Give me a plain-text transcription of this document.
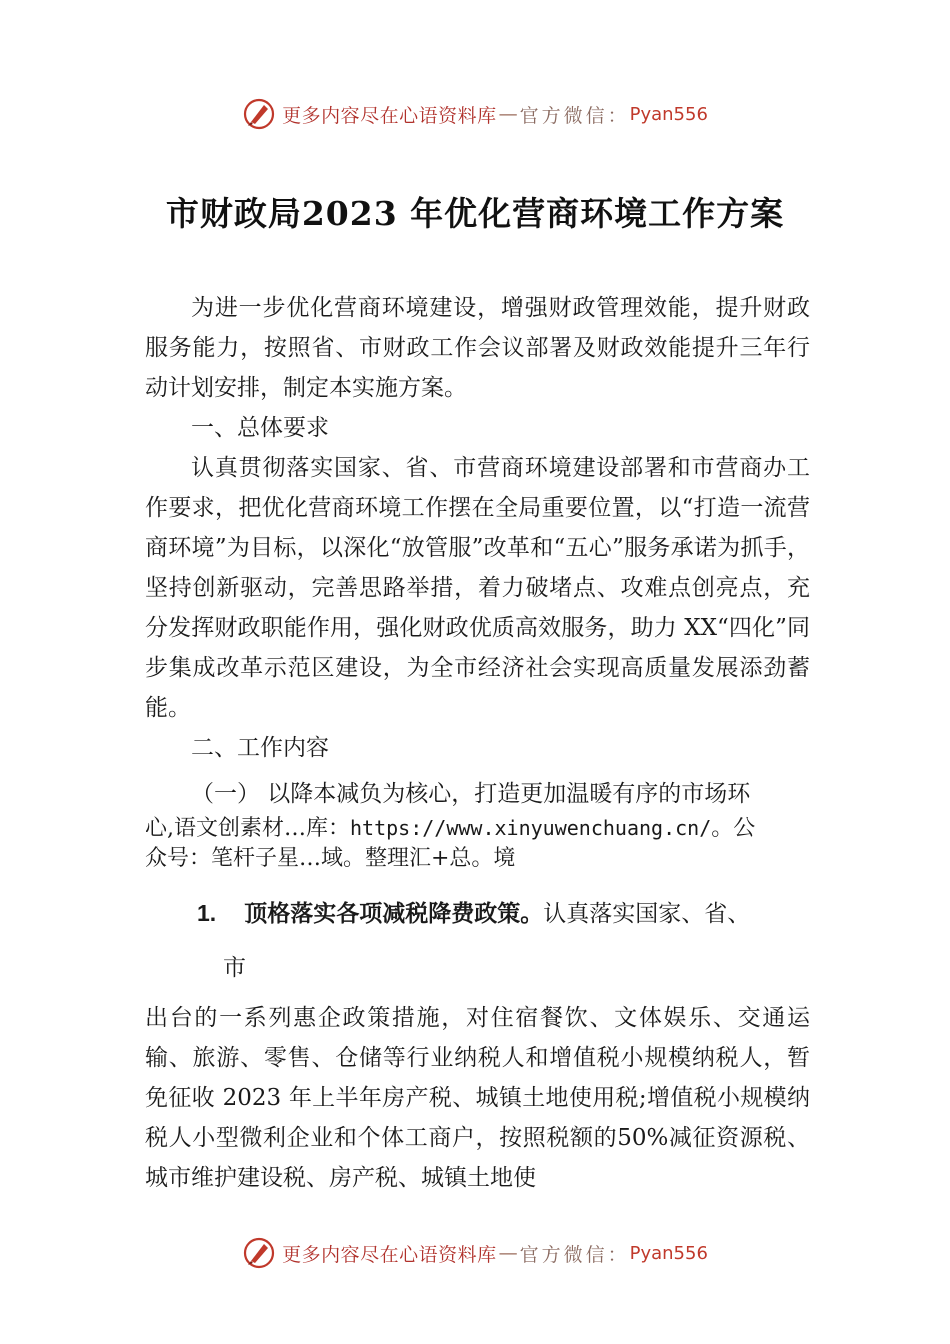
更多内容尽在心语资料库 — 官方微信： Pyan556
市财政局2023 年优化营商环境工作方案

为进一步优化营商环境建设，增强财政管理效能，提升财政服务能力，按照省、市财政工作会议部署及财政效能提升三年行动计划安排，制定本实施方案。

一、总体要求

认真贯彻落实国家、省、市营商环境建设部署和市营商办工作要求，把优化营商环境工作摆在全局重要位置，以“打造一流营商环境”为目标，以深化“放管服”改革和“五心”服务承诺为抓手，坚持创新驱动，完善思路举措，着力破堵点、攻难点创亮点，充分发挥财政职能作用，强化财政优质高效服务，助力 XX“四化”同步集成改革示范区建设，为全市经济社会实现高质量发展添劲蓄能。

二、工作内容

（一） 以降本减负为核心，打造更加温暖有序的市场环

心,语文创素材…库：https://www.xinyuwenchuang.cn/。公

众号：笔杆子星…域。整理汇+总。境

1. 顶格落实各项减税降费政策。认真落实国家、省、

市

出台的一系列惠企政策措施，对住宿餐饮、文体娱乐、交通运输、旅游、零售、仓储等行业纳税人和增值税小规模纳税人，暂免征收 2023 年上半年房产税、城镇土地使用税;增值税小规模纳税人小型微利企业和个体工商户，按照税额的50%减征资源税、城市维护建设税、房产税、城镇土地使

更多内容尽在心语资料库 — 官方微信： Pyan556
